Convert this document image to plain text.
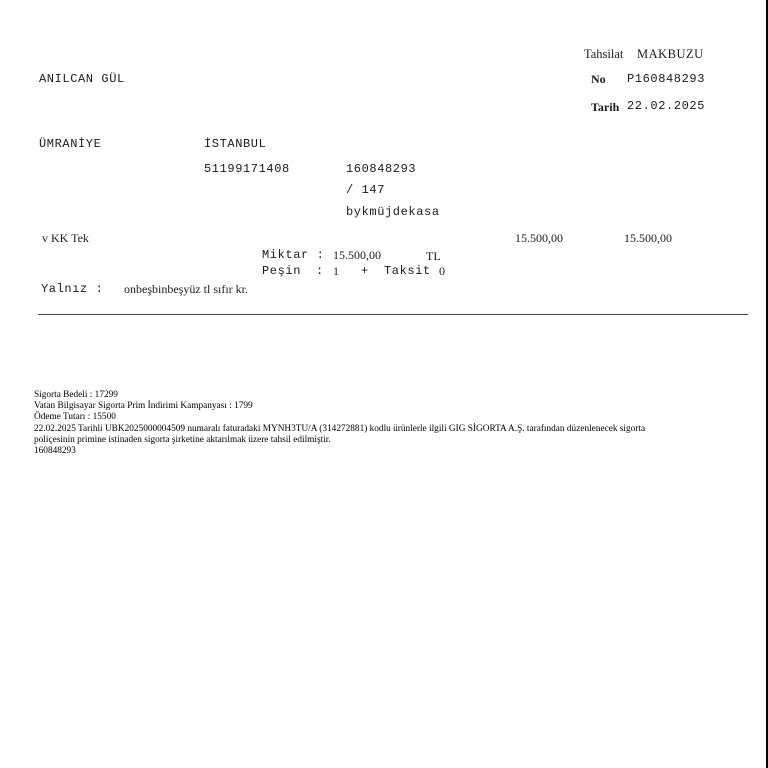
Tahsilat MAKBUZU
No P160848293
Tarih 22.02.2025
ANILCAN GÜL
ÜMRANİYE	İSTANBUL
51199171408	160848293
/ 147
bykmüjdekasa
v KK Tek	15.500,00	15.500,00
Miktar : 15.500,00	TL
Peşin : 1 + Taksit 0
Yalnız : onbeşbinbeşyüz tl sıfır kr.
Sigorta Bedeli : 17299
Vatan Bilgisayar Sigorta Prim İndirimi Kampanyası : 1799
Ödeme Tutarı : 15500
22.02.2025 Tarihli UBK2025000004509 numaralı faturadaki MYNH3TU/A (314272881) kodlu ürünlerle ilgili GIG SİGORTA A.Ş. tarafından düzenlenecek sigorta
poliçesinin primine istinaden sigorta şirketine aktarılmak üzere tahsil edilmiştir.
160848293
